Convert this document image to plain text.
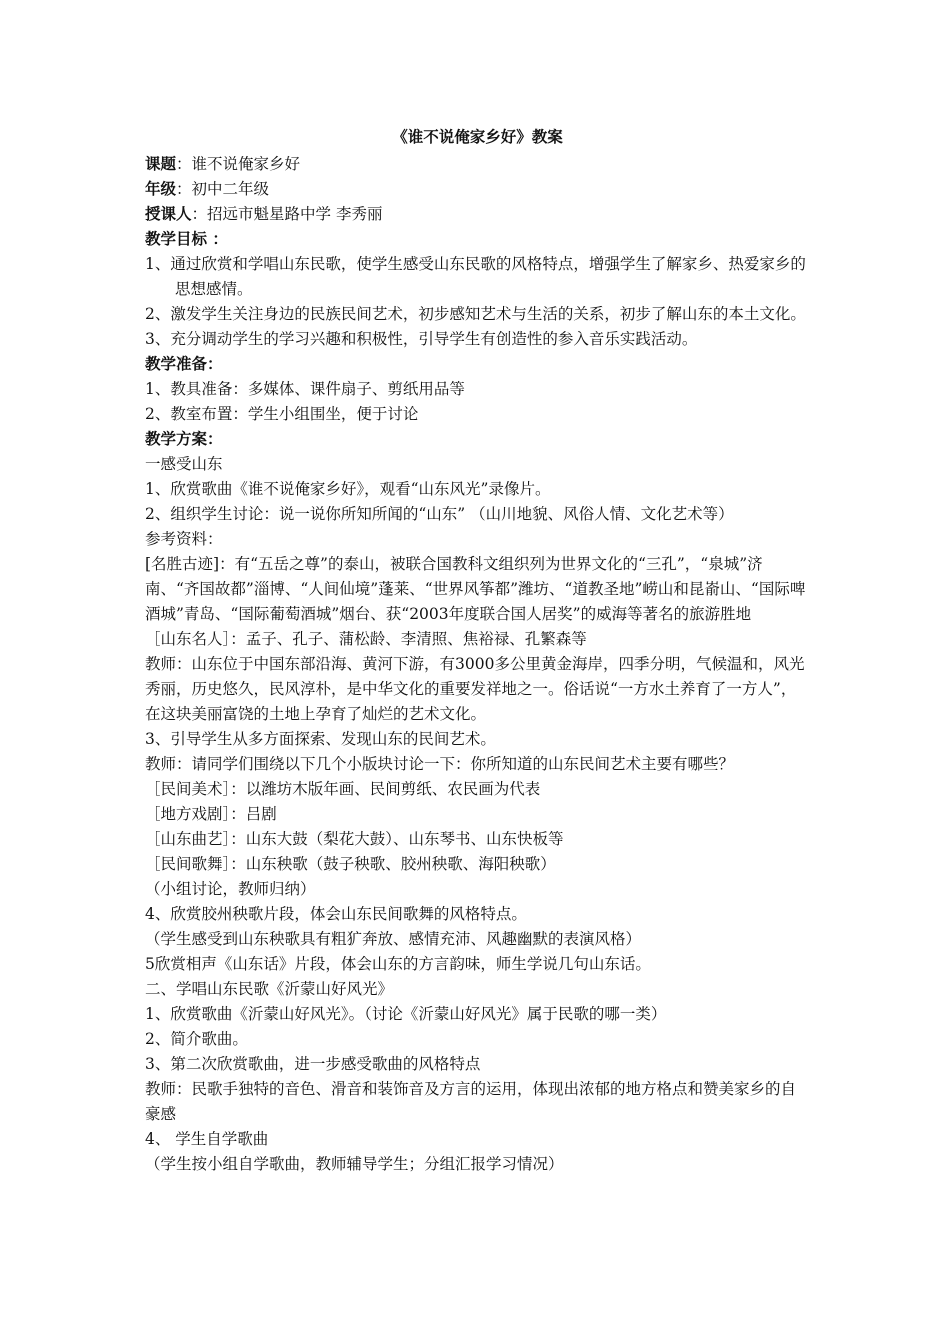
《谁不说俺家乡好》教案
课题：谁不说俺家乡好
年级：初中二年级
授课人：招远市魁星路中学 李秀丽
教学目标 ：
1、通过欣赏和学唱山东民歌，使学生感受山东民歌的风格特点，增强学生了解家乡、热爱家乡的思想感情。
2、激发学生关注身边的民族民间艺术，初步感知艺术与生活的关系，初步了解山东的本土文化。
3、充分调动学生的学习兴趣和积极性，引导学生有创造性的参入音乐实践活动。
教学准备：
1、教具准备：多媒体、课件扇子、剪纸用品等
2、教室布置：学生小组围坐，便于讨论
教学方案：
一感受山东
1、欣赏歌曲《谁不说俺家乡好》，观看“山东风光”录像片。
2、组织学生讨论：说一说你所知所闻的“山东” （山川地貌、风俗人情、文化艺术等）
参考资料：
[名胜古迹]：有“五岳之尊”的泰山，被联合国教科文组织列为世界文化的“三孔”，“泉城”济南、“齐国故都”淄博、“人间仙境”蓬莱、“世界风筝都”潍坊、“道教圣地”崂山和昆嵛山、“国际啤酒城”青岛、“国际葡萄酒城”烟台、获“2003年度联合国人居奖”的威海等著名的旅游胜地
［山东名人］：孟子、孔子、蒲松龄、李清照、焦裕禄、孔繁森等
教师：山东位于中国东部沿海、黄河下游，有3000多公里黄金海岸，四季分明，气候温和，风光秀丽，历史悠久，民风淳朴，是中华文化的重要发祥地之一。俗话说“一方水土养育了一方人”，在这块美丽富饶的土地上孕育了灿烂的艺术文化。
3、引导学生从多方面探索、发现山东的民间艺术。
教师：请同学们围绕以下几个小版块讨论一下：你所知道的山东民间艺术主要有哪些？
［民间美术］：以潍坊木版年画、民间剪纸、农民画为代表
［地方戏剧］：吕剧
［山东曲艺］：山东大鼓（梨花大鼓）、山东琴书、山东快板等
［民间歌舞］：山东秧歌（鼓子秧歌、胶州秧歌、海阳秧歌）
（小组讨论，教师归纳）
4、欣赏胶州秧歌片段，体会山东民间歌舞的风格特点。
（学生感受到山东秧歌具有粗犷奔放、感情充沛、风趣幽默的表演风格）
5欣赏相声《山东话》片段，体会山东的方言韵味，师生学说几句山东话。
二、学唱山东民歌《沂蒙山好风光》
1、欣赏歌曲《沂蒙山好风光》。（讨论《沂蒙山好风光》属于民歌的哪一类）
2、简介歌曲。
3、第二次欣赏歌曲，进一步感受歌曲的风格特点
教师：民歌手独特的音色、滑音和装饰音及方言的运用，体现出浓郁的地方格点和赞美家乡的自豪感
4、 学生自学歌曲
（学生按小组自学歌曲，教师辅导学生；分组汇报学习情况）
